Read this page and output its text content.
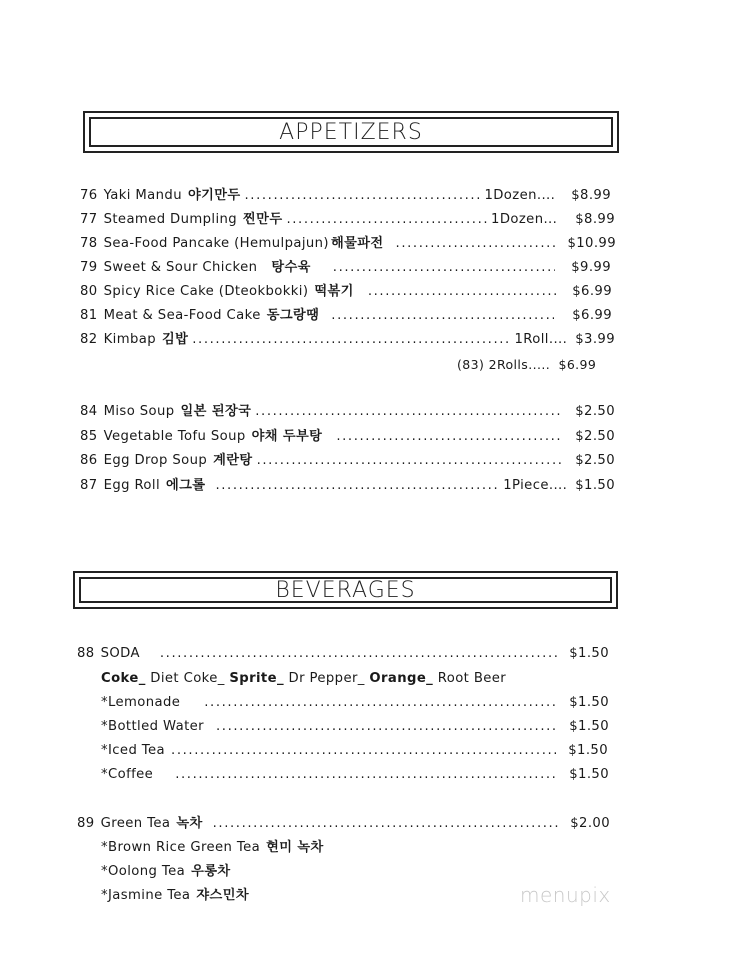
APPETIZERS
76 Yaki Mandu 야기만두 .....	1Dozen.... $8.99
77 Steamed Dumpling 찐만두 .....	1Dozen... $8.99
78 Sea-Food Pancake (Hemulpajun) 해물파전 .....	$10.99
79 Sweet & Sour Chicken 탕수육 .....	$9.99
80 Spicy Rice Cake (Dteokbokki) 떡볶기 .....	$6.99
81 Meat & Sea-Food Cake 동그랑땡 .....	$6.99
82 Kimbap 김밥 .....	1Roll.... $3.99
(83) 2Rolls..... $6.99
84 Miso Soup 일본 된장국 .....	$2.50
85 Vegetable Tofu Soup 야채 두부탕 .....	$2.50
86 Egg Drop Soup 계란탕 .....	$2.50
87 Egg Roll 에그롤 .....	1Piece.... $1.50
BEVERAGES
88 SODA .....	$1.50
Coke_ Diet Coke_ Sprite_ Dr Pepper_ Orange_ Root Beer
*Lemonade .....	$1.50
*Bottled Water .....	$1.50
*Iced Tea .....	$1.50
*Coffee .....	$1.50
89 Green Tea 녹차 .....	$2.00
*Brown Rice Green Tea 현미 녹차
*Oolong Tea 우롱차
*Jasmine Tea 쟈스민차	menupix
